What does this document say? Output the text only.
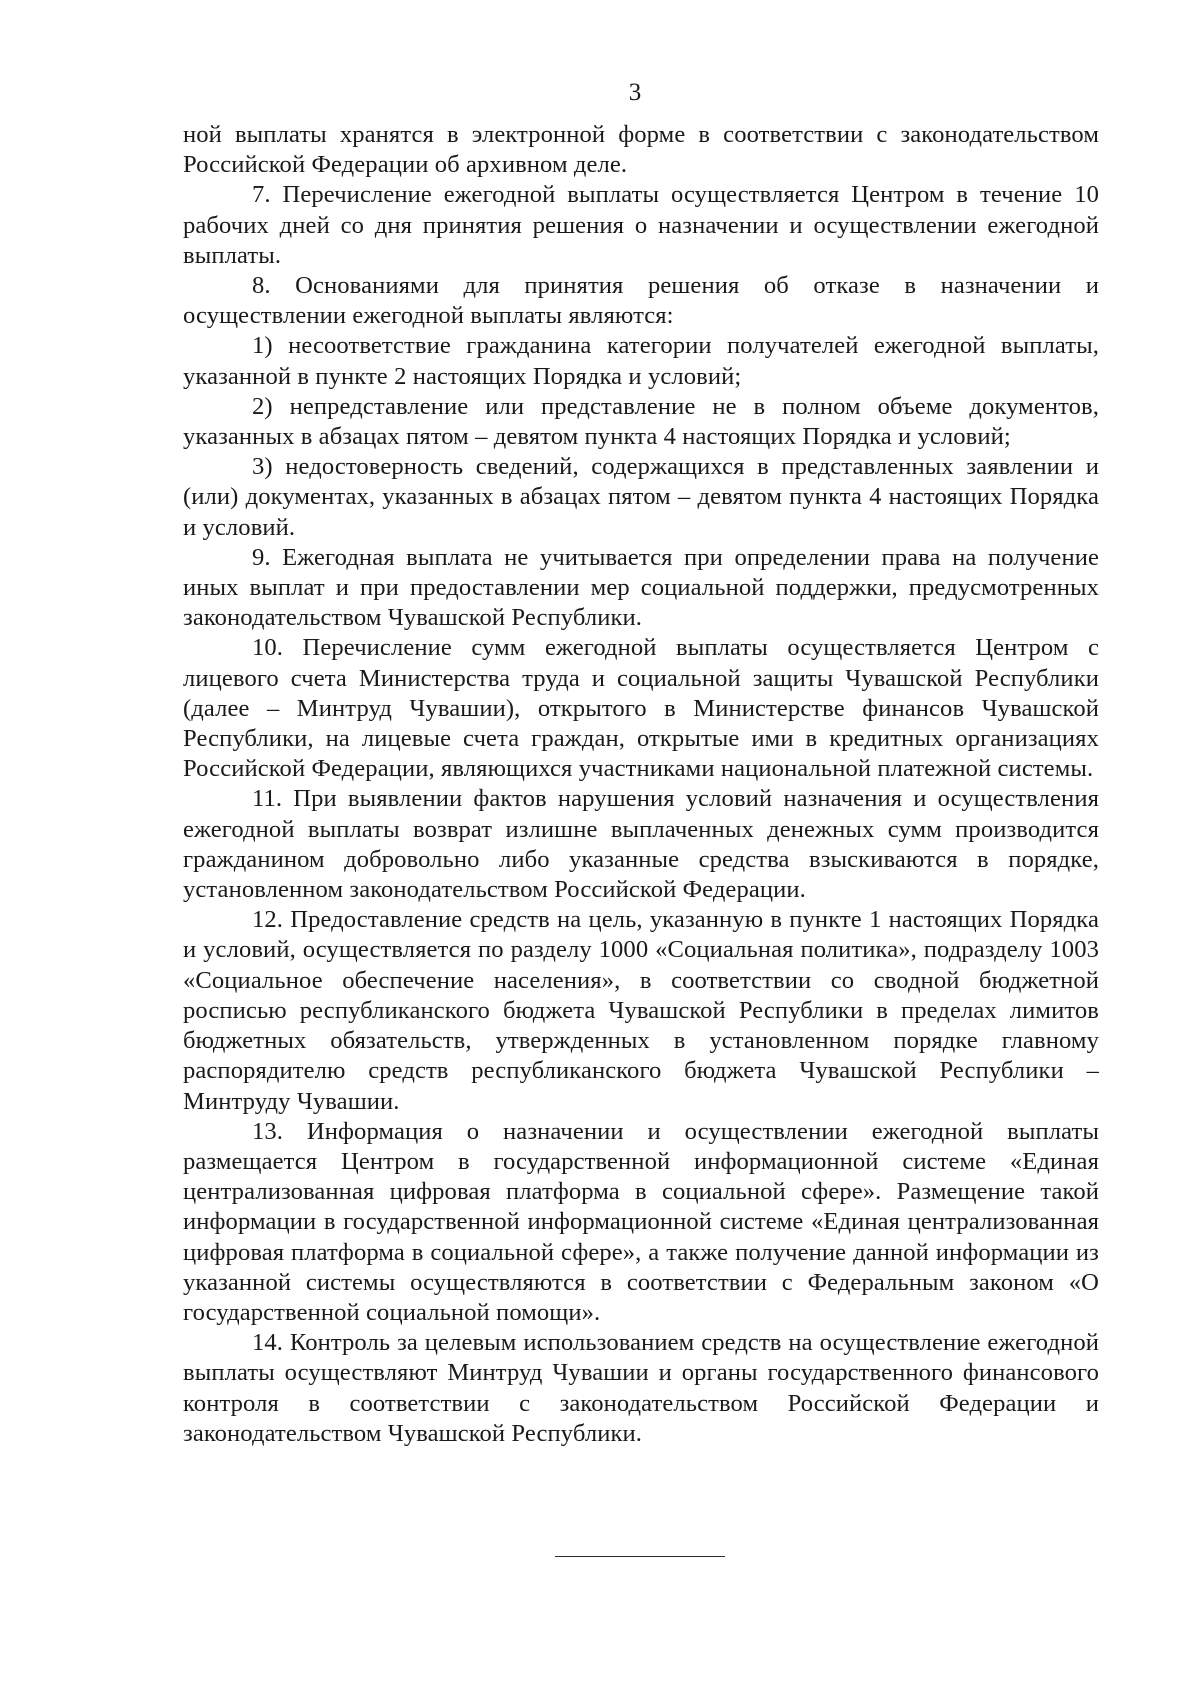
3

ной выплаты хранятся в электронной форме в соответствии с законодательством Российской Федерации об архивном деле.

7. Перечисление ежегодной выплаты осуществляется Центром в течение 10 рабочих дней со дня принятия решения о назначении и осуществлении ежегодной выплаты.

8. Основаниями для принятия решения об отказе в назначении и осуществлении ежегодной выплаты являются:

1) несоответствие гражданина категории получателей ежегодной выплаты, указанной в пункте 2 настоящих Порядка и условий;

2) непредставление или представление не в полном объеме документов, указанных в абзацах пятом – девятом пункта 4 настоящих Порядка и условий;

3) недостоверность сведений, содержащихся в представленных заявлении и (или) документах, указанных в абзацах пятом – девятом пункта 4 настоящих Порядка и условий.

9. Ежегодная выплата не учитывается при определении права на получение иных выплат и при предоставлении мер социальной поддержки, предусмотренных законодательством Чувашской Республики.

10. Перечисление сумм ежегодной выплаты осуществляется Центром с лицевого счета Министерства труда и социальной защиты Чувашской Республики (далее – Минтруд Чувашии), открытого в Министерстве финансов Чувашской Республики, на лицевые счета граждан, открытые ими в кредитных организациях Российской Федерации, являющихся участниками национальной платежной системы.

11. При выявлении фактов нарушения условий назначения и осуществления ежегодной выплаты возврат излишне выплаченных денежных сумм производится гражданином добровольно либо указанные средства взыскиваются в порядке, установленном законодательством Российской Федерации.

12. Предоставление средств на цель, указанную в пункте 1 настоящих Порядка и условий, осуществляется по разделу 1000 «Социальная политика», подразделу 1003 «Социальное обеспечение населения», в соответствии со сводной бюджетной росписью республиканского бюджета Чувашской Республики в пределах лимитов бюджетных обязательств, утвержденных в установленном порядке главному распорядителю средств республиканского бюджета Чувашской Республики – Минтруду Чувашии.

13. Информация о назначении и осуществлении ежегодной выплаты размещается Центром в государственной информационной системе «Единая централизованная цифровая платформа в социальной сфере». Размещение такой информации в государственной информационной системе «Единая централизованная цифровая платформа в социальной сфере», а также получение данной информации из указанной системы осуществляются в соответствии с Федеральным законом «О государственной социальной помощи».

14. Контроль за целевым использованием средств на осуществление ежегодной выплаты осуществляют Минтруд Чувашии и органы государственного финансового контроля в соответствии с законодательством Российской Федерации и законодательством Чувашской Республики.
